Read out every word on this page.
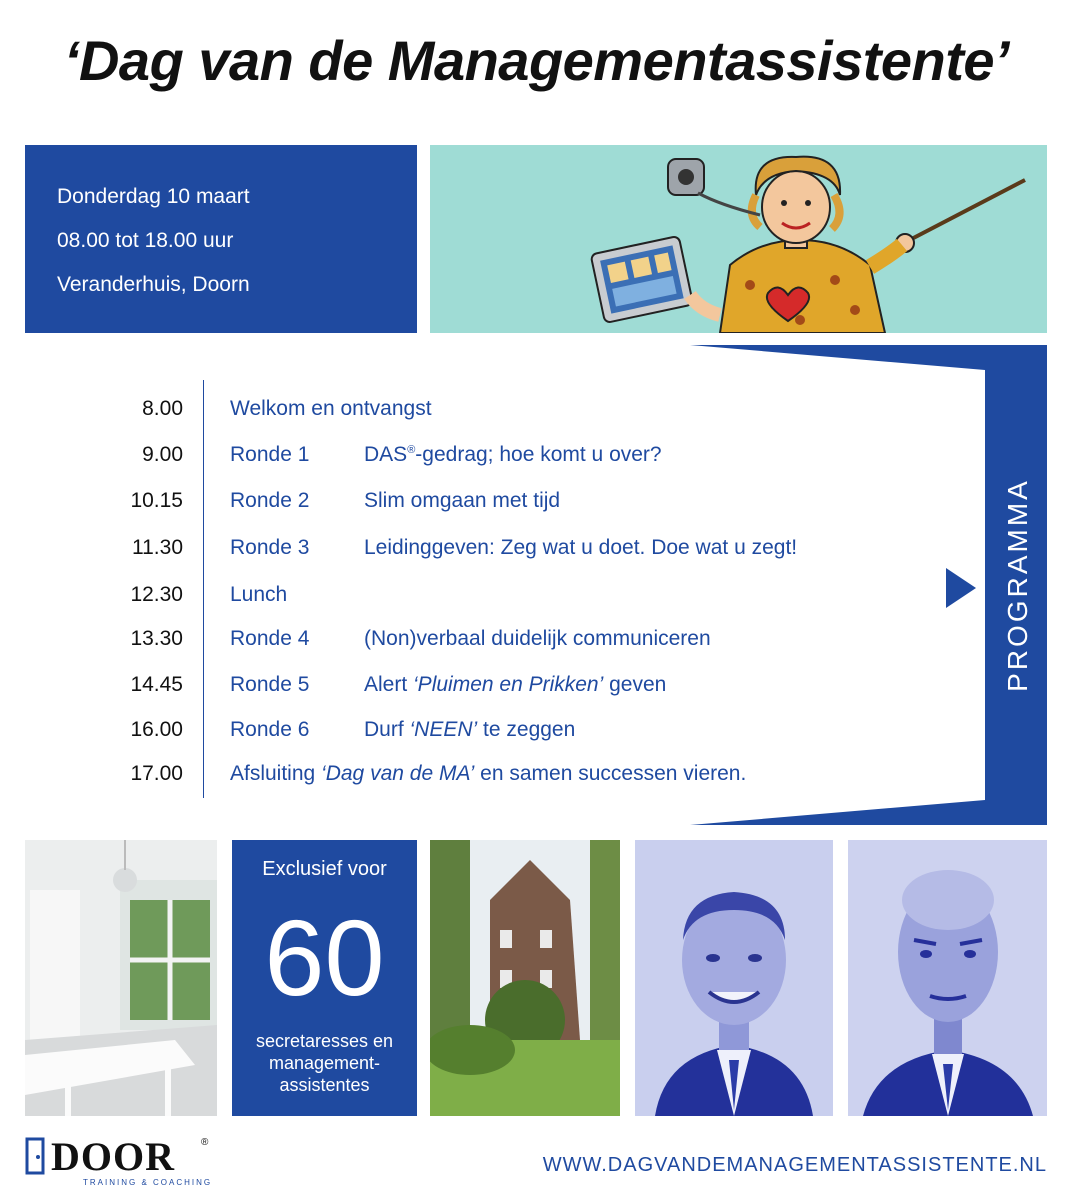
‘Dag van de Managementassistente’
Donderdag 10 maart
08.00 tot 18.00 uur
Veranderhuis, Doorn
8.00 Welkom en ontvangst
9.00 Ronde 1	DAS®-gedrag; hoe komt u over?
10.15 Ronde 2	Slim omgaan met tijd
11.30 Ronde 3	Leidinggeven: Zeg wat u doet. Doe wat u zegt!
12.30 Lunch
13.30 Ronde 4	(Non)verbaal duidelijk communiceren
14.45 Ronde 5	Alert ‘Pluimen en Prikken’ geven
16.00 Ronde 6	Durf ‘NEEN’ te zeggen
17.00 Afsluiting ‘Dag van de MA’ en samen successen vieren.
PROGRAMMA
Exclusief voor
60
secretaresses en
management-
assistentes
DOOR	®
TRAINING & COACHING
WWW.DAGVANDEMANAGEMENTASSISTENTE.NL
